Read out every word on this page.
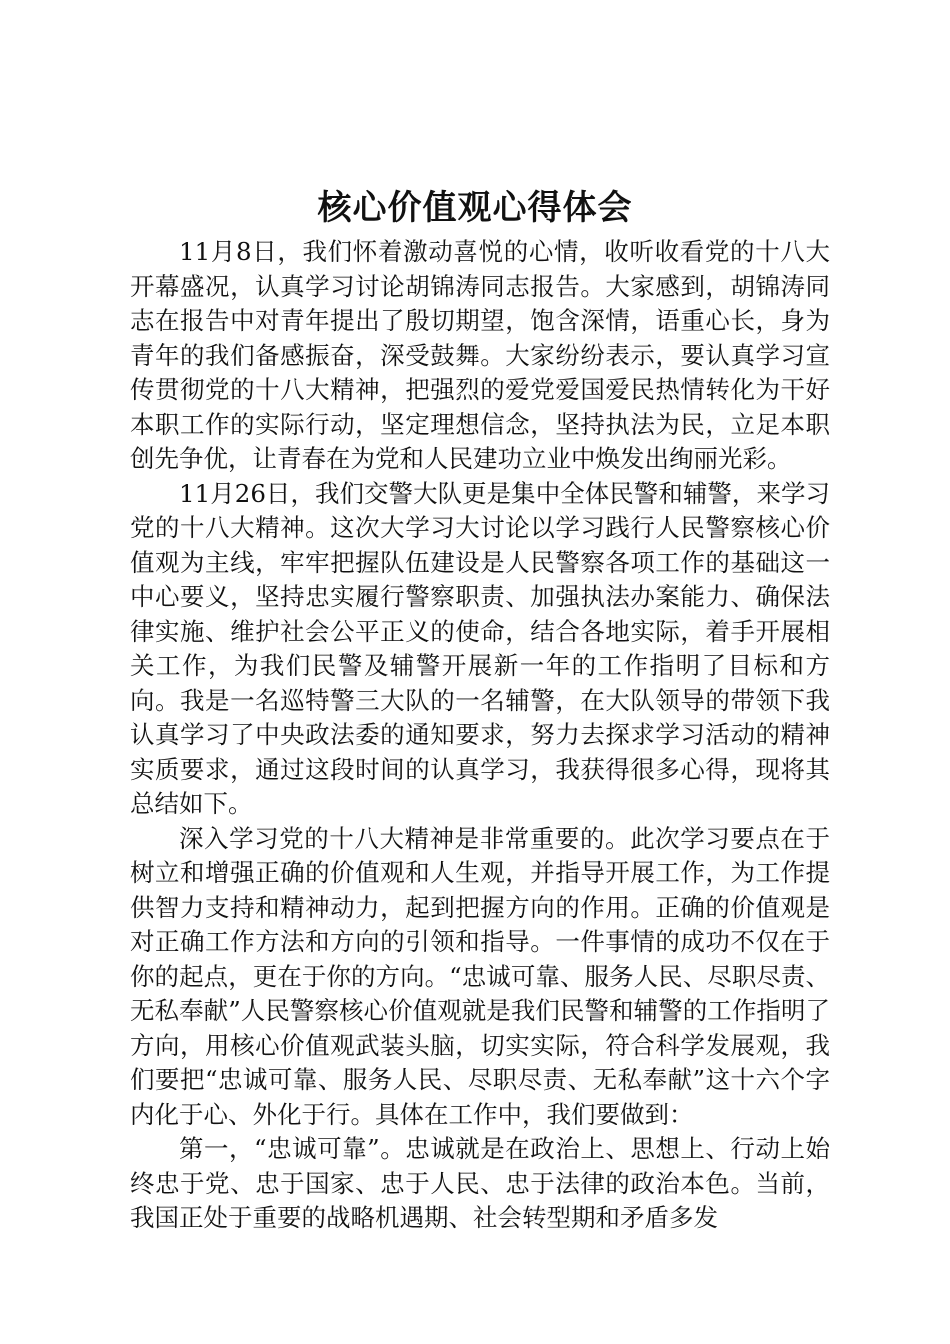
核心价值观心得体会

11月8日，我们怀着激动喜悦的心情，收听收看党的十八大开幕盛况，认真学习讨论胡锦涛同志报告。大家感到，胡锦涛同志在报告中对青年提出了殷切期望，饱含深情，语重心长，身为青年的我们备感振奋，深受鼓舞。大家纷纷表示，要认真学习宣传贯彻党的十八大精神，把强烈的爱党爱国爱民热情转化为干好本职工作的实际行动，坚定理想信念，坚持执法为民，立足本职创先争优，让青春在为党和人民建功立业中焕发出绚丽光彩。

11月26日，我们交警大队更是集中全体民警和辅警，来学习党的十八大精神。这次大学习大讨论以学习践行人民警察核心价值观为主线，牢牢把握队伍建设是人民警察各项工作的基础这一中心要义，坚持忠实履行警察职责、加强执法办案能力、确保法律实施、维护社会公平正义的使命，结合各地实际，着手开展相关工作，为我们民警及辅警开展新一年的工作指明了目标和方向。我是一名巡特警三大队的一名辅警，在大队领导的带领下我认真学习了中央政法委的通知要求，努力去探求学习活动的精神实质要求，通过这段时间的认真学习，我获得很多心得，现将其总结如下。

深入学习党的十八大精神是非常重要的。此次学习要点在于树立和增强正确的价值观和人生观，并指导开展工作，为工作提供智力支持和精神动力，起到把握方向的作用。正确的价值观是对正确工作方法和方向的引领和指导。一件事情的成功不仅在于你的起点，更在于你的方向。“忠诚可靠、服务人民、尽职尽责、无私奉献”人民警察核心价值观就是我们民警和辅警的工作指明了方向，用核心价值观武装头脑，切实实际，符合科学发展观，我们要把“忠诚可靠、服务人民、尽职尽责、无私奉献”这十六个字内化于心、外化于行。具体在工作中，我们要做到：

第一，“忠诚可靠”。忠诚就是在政治上、思想上、行动上始终忠于党、忠于国家、忠于人民、忠于法律的政治本色。当前，我国正处于重要的战略机遇期、社会转型期和矛盾多发
